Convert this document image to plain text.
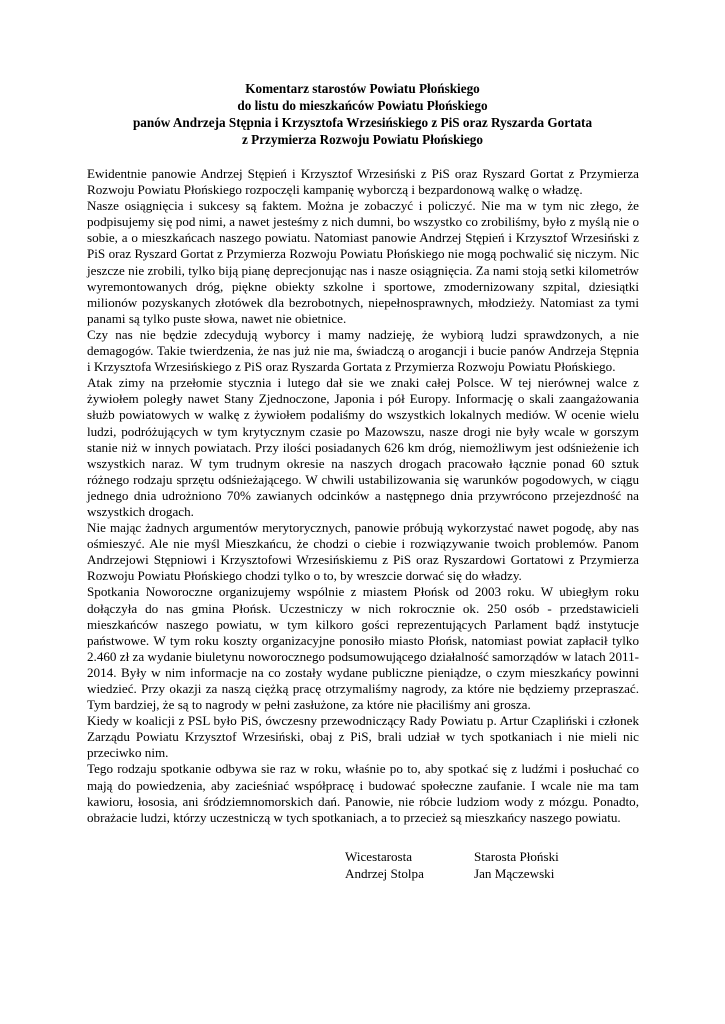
Komentarz starostów Powiatu Płońskiego
do listu do mieszkańców Powiatu Płońskiego
panów Andrzeja Stępnia i Krzysztofa Wrzesińskiego z PiS oraz Ryszarda Gortata
z Przymierza Rozwoju Powiatu Płońskiego

Ewidentnie panowie Andrzej Stępień i Krzysztof Wrzesiński z PiS oraz Ryszard Gortat z Przymierza Rozwoju Powiatu Płońskiego rozpoczęli kampanię wyborczą i bezpardonową walkę o władzę.

Nasze osiągnięcia i sukcesy są faktem. Można je zobaczyć i policzyć. Nie ma w tym nic złego, że podpisujemy się pod nimi, a nawet jesteśmy z nich dumni, bo wszystko co zrobiliśmy, było z myślą nie o sobie, a o mieszkańcach naszego powiatu. Natomiast panowie Andrzej Stępień i Krzysztof Wrzesiński z PiS oraz Ryszard Gortat z Przymierza Rozwoju Powiatu Płońskiego nie mogą pochwalić się niczym. Nic jeszcze nie zrobili, tylko biją pianę deprecjonując nas i nasze osiągnięcia. Za nami stoją setki kilometrów wyremontowanych dróg, piękne obiekty szkolne i sportowe, zmodernizowany szpital, dziesiątki milionów pozyskanych złotówek dla bezrobotnych, niepełnosprawnych, młodzieży. Natomiast za tymi panami są tylko puste słowa, nawet nie obietnice.

Czy nas nie będzie zdecydują wyborcy i mamy nadzieję, że wybiorą ludzi sprawdzonych, a nie demagogów. Takie twierdzenia, że nas już nie ma, świadczą o arogancji i bucie panów Andrzeja Stępnia i Krzysztofa Wrzesińskiego z PiS oraz Ryszarda Gortata z Przymierza Rozwoju Powiatu Płońskiego.

Atak zimy na przełomie stycznia i lutego dał sie we znaki całej Polsce. W tej nierównej walce z żywiołem poległy nawet Stany Zjednoczone, Japonia i pół Europy. Informację o skali zaangażowania służb powiatowych w walkę z żywiołem podaliśmy do wszystkich lokalnych mediów. W ocenie wielu ludzi, podróżujących w tym krytycznym czasie po Mazowszu, nasze drogi nie były wcale w gorszym stanie niż w innych powiatach. Przy ilości posiadanych 626 km dróg, niemożliwym jest odśnieżenie ich wszystkich naraz. W tym trudnym okresie na naszych drogach pracowało łącznie ponad 60 sztuk różnego rodzaju sprzętu odśnieżającego. W chwili ustabilizowania się warunków pogodowych, w ciągu jednego dnia udrożniono 70% zawianych odcinków a następnego dnia przywrócono przejezdność na wszystkich drogach.

Nie mając żadnych argumentów merytorycznych, panowie próbują wykorzystać nawet pogodę, aby nas ośmieszyć. Ale nie myśl Mieszkańcu, że chodzi o ciebie i rozwiązywanie twoich problemów. Panom Andrzejowi Stępniowi i Krzysztofowi Wrzesińskiemu z PiS oraz Ryszardowi Gortatowi z Przymierza Rozwoju Powiatu Płońskiego chodzi tylko o to, by wreszcie dorwać się do władzy.

Spotkania Noworoczne organizujemy wspólnie z miastem Płońsk od 2003 roku. W ubiegłym roku dołączyła do nas gmina Płońsk. Uczestniczy w nich rokrocznie ok. 250 osób - przedstawicieli mieszkańców naszego powiatu, w tym kilkoro gości reprezentujących Parlament bądź instytucje państwowe. W tym roku koszty organizacyjne ponosiło miasto Płońsk, natomiast powiat zapłacił tylko 2.460 zł za wydanie biuletynu noworocznego podsumowującego działalność samorządów w latach 2011-2014. Były w nim informacje na co zostały wydane publiczne pieniądze, o czym mieszkańcy powinni wiedzieć. Przy okazji za naszą ciężką pracę otrzymaliśmy nagrody, za które nie będziemy przepraszać. Tym bardziej, że są to nagrody w pełni zasłużone, za które nie płaciliśmy ani grosza.

Kiedy w koalicji z PSL było PiS, ówczesny przewodniczący Rady Powiatu p. Artur Czapliński i członek Zarządu Powiatu Krzysztof Wrzesiński, obaj z PiS, brali udział w tych spotkaniach i nie mieli nic przeciwko nim.

Tego rodzaju spotkanie odbywa sie raz w roku, właśnie po to, aby spotkać się z ludźmi i posłuchać co mają do powiedzenia, aby zacieśniać współpracę i budować społeczne zaufanie. I wcale nie ma tam kawioru, łososia, ani śródziemnomorskich dań. Panowie, nie róbcie ludziom wody z mózgu. Ponadto, obrażacie ludzi, którzy uczestniczą w tych spotkaniach, a to przecież są mieszkańcy naszego powiatu.

Wicestarosta
Andrzej Stolpa
Starosta Płoński
Jan Mączewski
